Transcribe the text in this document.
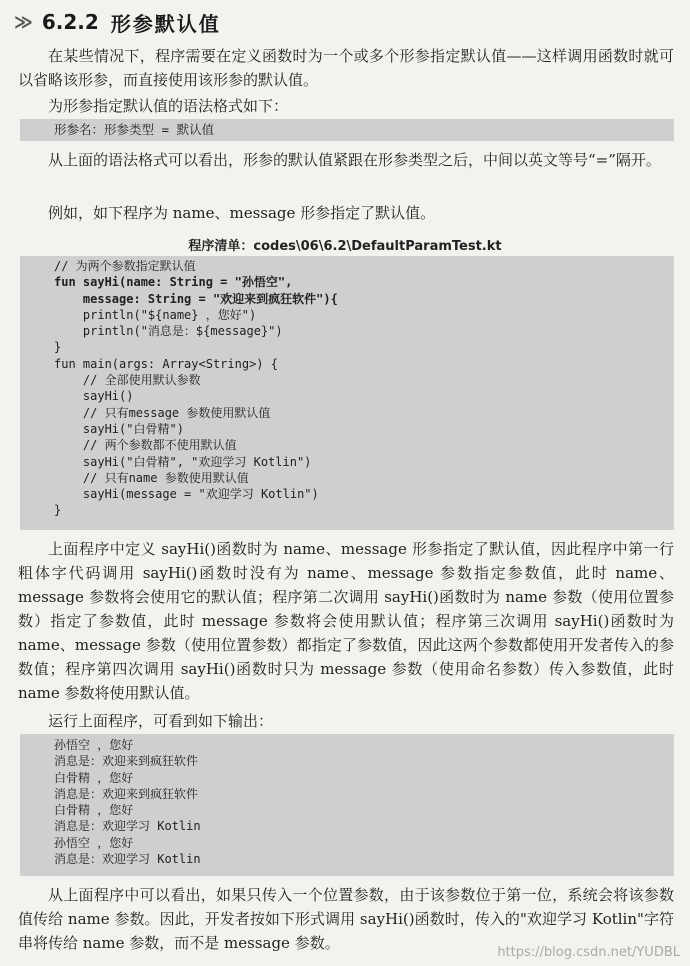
≫ 6.2.2 形参默认值

在某些情况下，程序需要在定义函数时为一个或多个形参指定默认值——这样调用函数时就可以省略该形参，而直接使用该形参的默认值。

为形参指定默认值的语法格式如下：

形参名：形参类型 = 默认值

从上面的语法格式可以看出，形参的默认值紧跟在形参类型之后，中间以英文等号“=”隔开。

例如，如下程序为 name、message 形参指定了默认值。

程序清单：codes\06\6.2\DefaultParamTest.kt
// 为两个参数指定默认值
fun sayHi(name: String = "孙悟空",
message: String = "欢迎来到疯狂软件"){
println("${name} ，您好")
println("消息是：${message}")
}
fun main(args: Array<String>) {
// 全部使用默认参数
sayHi()
// 只有message 参数使用默认值
sayHi("白骨精")
// 两个参数都不使用默认值
sayHi("白骨精", "欢迎学习 Kotlin")
// 只有name 参数使用默认值
sayHi(message = "欢迎学习 Kotlin")
}

上面程序中定义 sayHi()函数时为 name、message 形参指定了默认值，因此程序中第一行粗体字代码调用 sayHi()函数时没有为 name、message 参数指定参数值，此时 name、message 参数将会使用它的默认值；程序第二次调用 sayHi()函数时为 name 参数（使用位置参数）指定了参数值，此时 message 参数将会使用默认值；程序第三次调用 sayHi()函数时为 name、message 参数（使用位置参数）都指定了参数值，因此这两个参数都使用开发者传入的参数值；程序第四次调用 sayHi()函数时只为 message 参数（使用命名参数）传入参数值，此时 name 参数将使用默认值。

运行上面程序，可看到如下输出：

孙悟空 ，您好
消息是：欢迎来到疯狂软件
白骨精 ，您好
消息是：欢迎来到疯狂软件
白骨精 ，您好
消息是：欢迎学习 Kotlin
孙悟空 ，您好
消息是：欢迎学习 Kotlin

从上面程序中可以看出，如果只传入一个位置参数，由于该参数位于第一位，系统会将该参数值传给 name 参数。因此，开发者按如下形式调用 sayHi()函数时，传入的"欢迎学习 Kotlin"字符串将传给 name 参数，而不是 message 参数。

https://blog.csdn.net/YUDBL
